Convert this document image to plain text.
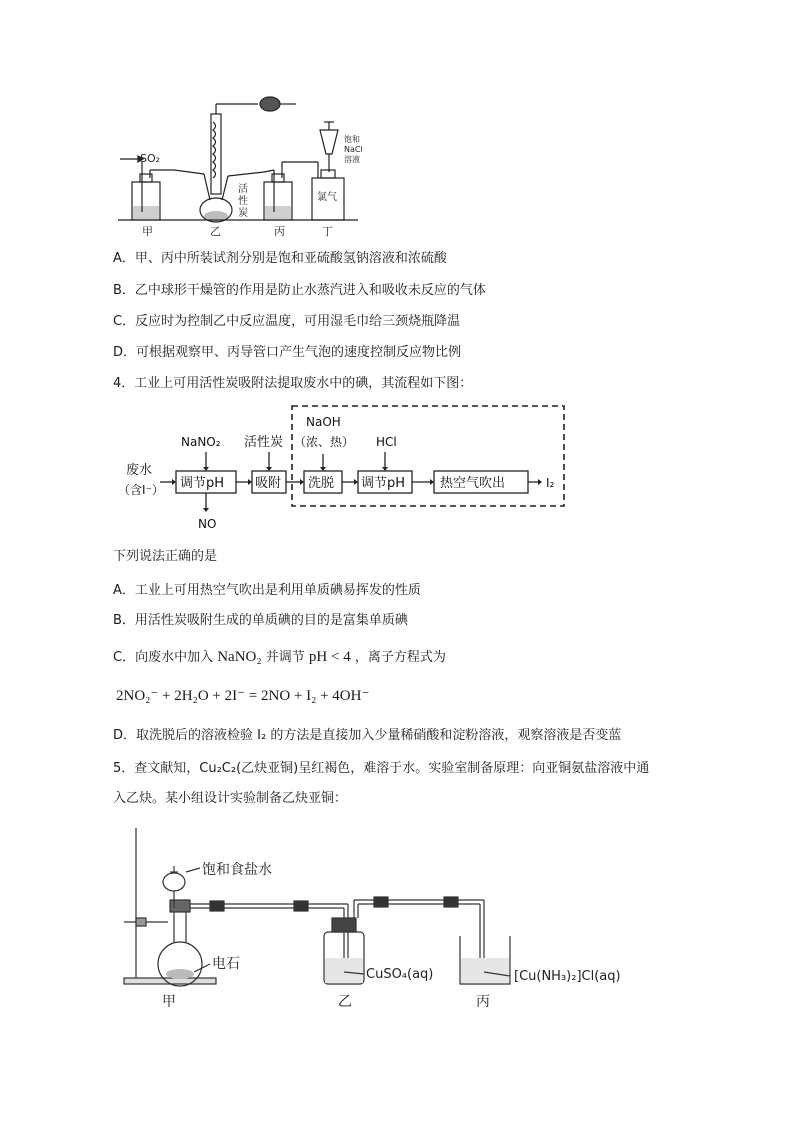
SO₂
活
性
炭
饱和
NaCl
溶液
氯气
甲	乙	丙	丁
A．甲、丙中所装试剂分别是饱和亚硫酸氢钠溶液和浓硫酸
B．乙中球形干燥管的作用是防止水蒸汽进入和吸收未反应的气体
C．反应时为控制乙中反应温度，可用湿毛巾给三颈烧瓶降温
D．可根据观察甲、丙导管口产生气泡的速度控制反应物比例
4．工业上可用活性炭吸附法提取废水中的碘，其流程如下图：
废水
（含I⁻）
NaNO₂ 活性炭
NaOH
（浓、热） HCl
调节pH 吸附 洗脱 调节pH	热空气吹出	I₂
NO
下列说法正确的是
A．工业上可用热空气吹出是利用单质碘易挥发的性质
B．用活性炭吸附生成的单质碘的目的是富集单质碘
C．向废水中加入 NaNO₂ 并调节 pH < 4 ，离子方程式为
2NO₂⁻ + 2H₂O + 2I⁻ = 2NO + I₂ + 4OH⁻
D．取洗脱后的溶液检验 I₂ 的方法是直接加入少量稀硝酸和淀粉溶液，观察溶液是否变蓝
5．查文献知，Cu₂C₂(乙炔亚铜)呈红褐色，难溶于水。实验室制备原理：向亚铜氨盐溶液中通
入乙炔。某小组设计实验制备乙炔亚铜：
饱和食盐水
电石
CuSO₄(aq)	[Cu(NH₃)₂]Cl(aq)
甲	乙	丙
